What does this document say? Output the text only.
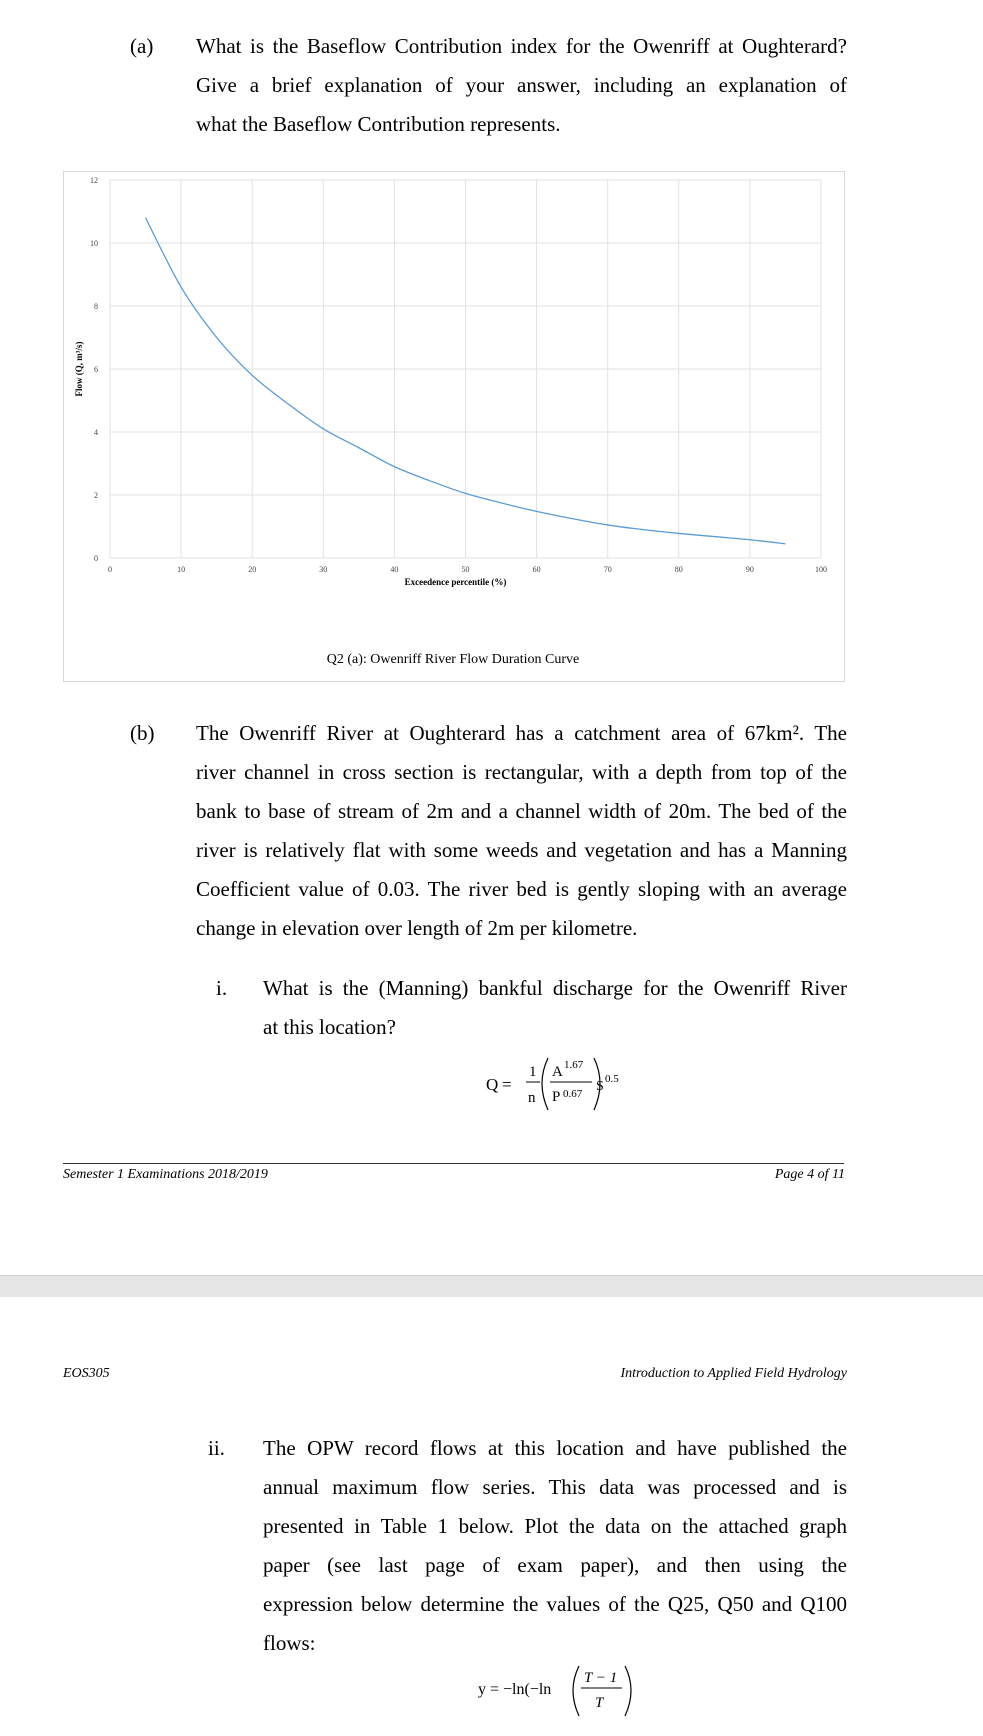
(a) What is the Baseflow Contribution index for the Owenriff at Oughterard?
Give a brief explanation of your answer, including an explanation of
what the Baseflow Contribution represents.
0	10	20	30	40	50	60	70	80	90	100
0
2
4
6
8
10
12
Exceedence percentile (%)
Flow (Q, m³/s)
Q2 (a): Owenriff River Flow Duration Curve
(b) The Owenriff River at Oughterard has a catchment area of 67km². The
river channel in cross section is rectangular, with a depth from top of the
bank to base of stream of 2m and a channel width of 20m. The bed of the
river is relatively flat with some weeds and vegetation and has a Manning
Coefficient value of 0.03. The river bed is gently sloping with an average
change in elevation over length of 2m per kilometre.
i. What is the (Manning) bankful discharge for the Owenriff River
at this location?
Q =
1
n
A 1.67
P 0.67 S 0.5
Semester 1 Examinations 2018/2019	Page 4 of 11
EOS305	Introduction to Applied Field Hydrology
ii. The OPW record flows at this location and have published the
annual maximum flow series. This data was processed and is
presented in Table 1 below. Plot the data on the attached graph
paper (see last page of exam paper), and then using the
expression below determine the values of the Q25, Q50 and Q100
flows:
y = −ln(−ln
T − 1
T
